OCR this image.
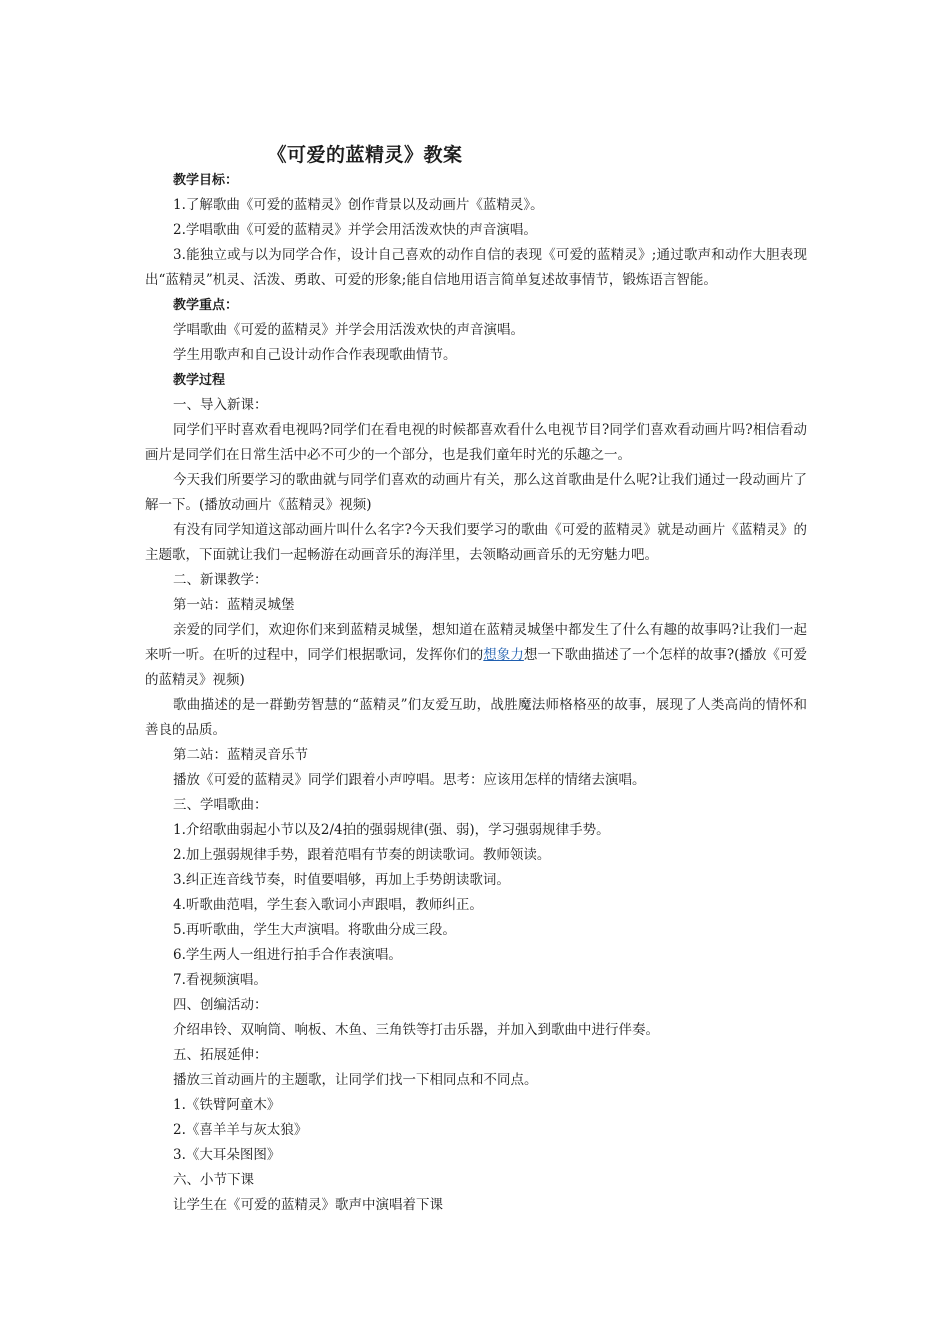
《可爱的蓝精灵》教案

教学目标：

1.了解歌曲《可爱的蓝精灵》创作背景以及动画片《蓝精灵》。

2.学唱歌曲《可爱的蓝精灵》并学会用活泼欢快的声音演唱。

3.能独立或与以为同学合作，设计自己喜欢的动作自信的表现《可爱的蓝精灵》;通过歌声和动作大胆表现出“蓝精灵”机灵、活泼、勇敢、可爱的形象;能自信地用语言简单复述故事情节，锻炼语言智能。

教学重点：

学唱歌曲《可爱的蓝精灵》并学会用活泼欢快的声音演唱。

学生用歌声和自己设计动作合作表现歌曲情节。

教学过程

一、导入新课：

同学们平时喜欢看电视吗?同学们在看电视的时候都喜欢看什么电视节目?同学们喜欢看动画片吗?相信看动画片是同学们在日常生活中必不可少的一个部分，也是我们童年时光的乐趣之一。

今天我们所要学习的歌曲就与同学们喜欢的动画片有关，那么这首歌曲是什么呢?让我们通过一段动画片了解一下。(播放动画片《蓝精灵》视频)

有没有同学知道这部动画片叫什么名字?今天我们要学习的歌曲《可爱的蓝精灵》就是动画片《蓝精灵》的主题歌，下面就让我们一起畅游在动画音乐的海洋里，去领略动画音乐的无穷魅力吧。

二、新课教学：

第一站：蓝精灵城堡

亲爱的同学们，欢迎你们来到蓝精灵城堡，想知道在蓝精灵城堡中都发生了什么有趣的故事吗?让我们一起来听一听。在听的过程中，同学们根据歌词，发挥你们的想象力想一下歌曲描述了一个怎样的故事?(播放《可爱的蓝精灵》视频)

歌曲描述的是一群勤劳智慧的“蓝精灵”们友爱互助，战胜魔法师格格巫的故事，展现了人类高尚的情怀和善良的品质。

第二站：蓝精灵音乐节

播放《可爱的蓝精灵》同学们跟着小声哼唱。思考：应该用怎样的情绪去演唱。

三、学唱歌曲：

1.介绍歌曲弱起小节以及2/4拍的强弱规律(强、弱)，学习强弱规律手势。

2.加上强弱规律手势，跟着范唱有节奏的朗读歌词。教师领读。

3.纠正连音线节奏，时值要唱够，再加上手势朗读歌词。

4.听歌曲范唱，学生套入歌词小声跟唱，教师纠正。

5.再听歌曲，学生大声演唱。将歌曲分成三段。

6.学生两人一组进行拍手合作表演唱。

7.看视频演唱。

四、创编活动：

介绍串铃、双响筒、响板、木鱼、三角铁等打击乐器，并加入到歌曲中进行伴奏。

五、拓展延伸：

播放三首动画片的主题歌，让同学们找一下相同点和不同点。

1.《铁臂阿童木》

2.《喜羊羊与灰太狼》

3.《大耳朵图图》

六、小节下课

让学生在《可爱的蓝精灵》歌声中演唱着下课
